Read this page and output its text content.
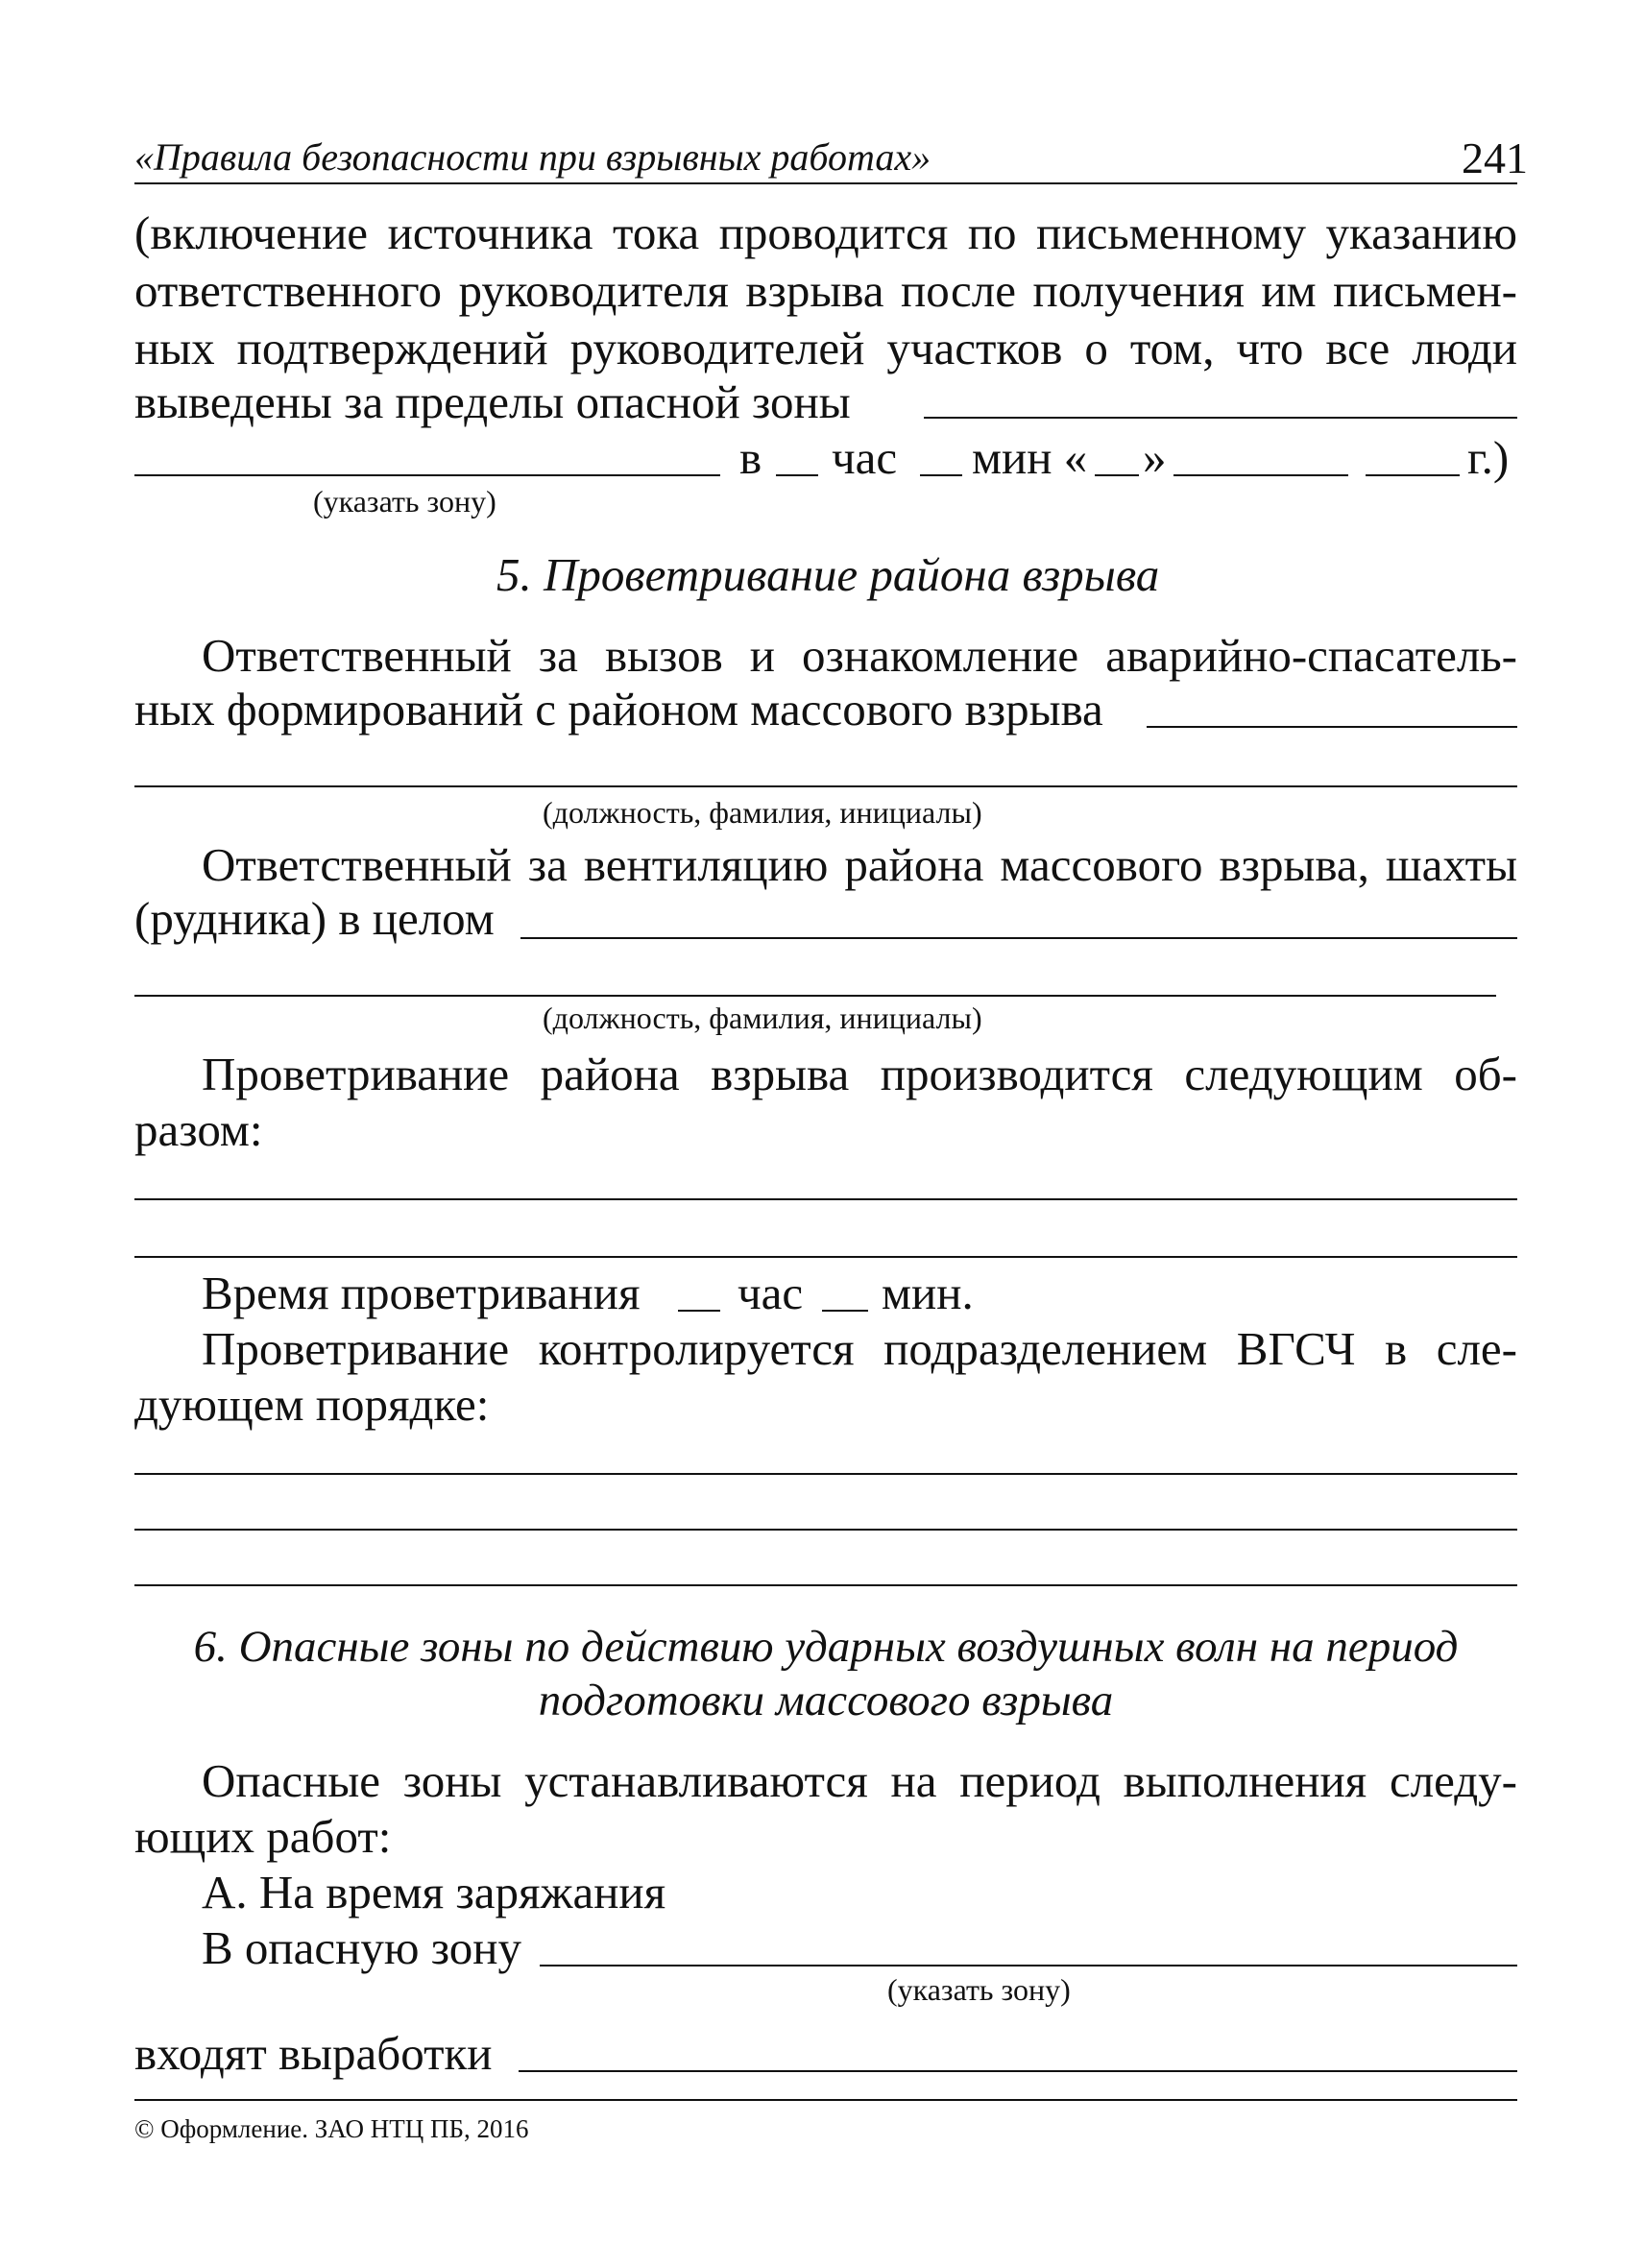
«Правила безопасности при взрывных работах»	241
(включение источника тока проводится по письменному указанию
ответственного руководителя взрыва после получения им письмен-
ных подтверждений руководителей участков о том, что все люди
выведены за пределы опасной зоны
в час мин « »	г.)
(указать зону)
5. Проветривание района взрыва
Ответственный за вызов и ознакомление аварийно-спасатель-
ных формирований с районом массового взрыва
(должность, фамилия, инициалы)
Ответственный за вентиляцию района массового взрыва, шахты
(рудника) в целом
(должность, фамилия, инициалы)
Проветривание района взрыва производится следующим об-
разом:
Время проветривания час мин.
Проветривание контролируется подразделением ВГСЧ в сле-
дующем порядке:
6. Опасные зоны по действию ударных воздушных волн на период
подготовки массового взрыва
Опасные зоны устанавливаются на период выполнения следу-
ющих работ:
А. На время заряжания
В опасную зону
(указать зону)
входят выработки
© Оформление. ЗАО НТЦ ПБ, 2016
